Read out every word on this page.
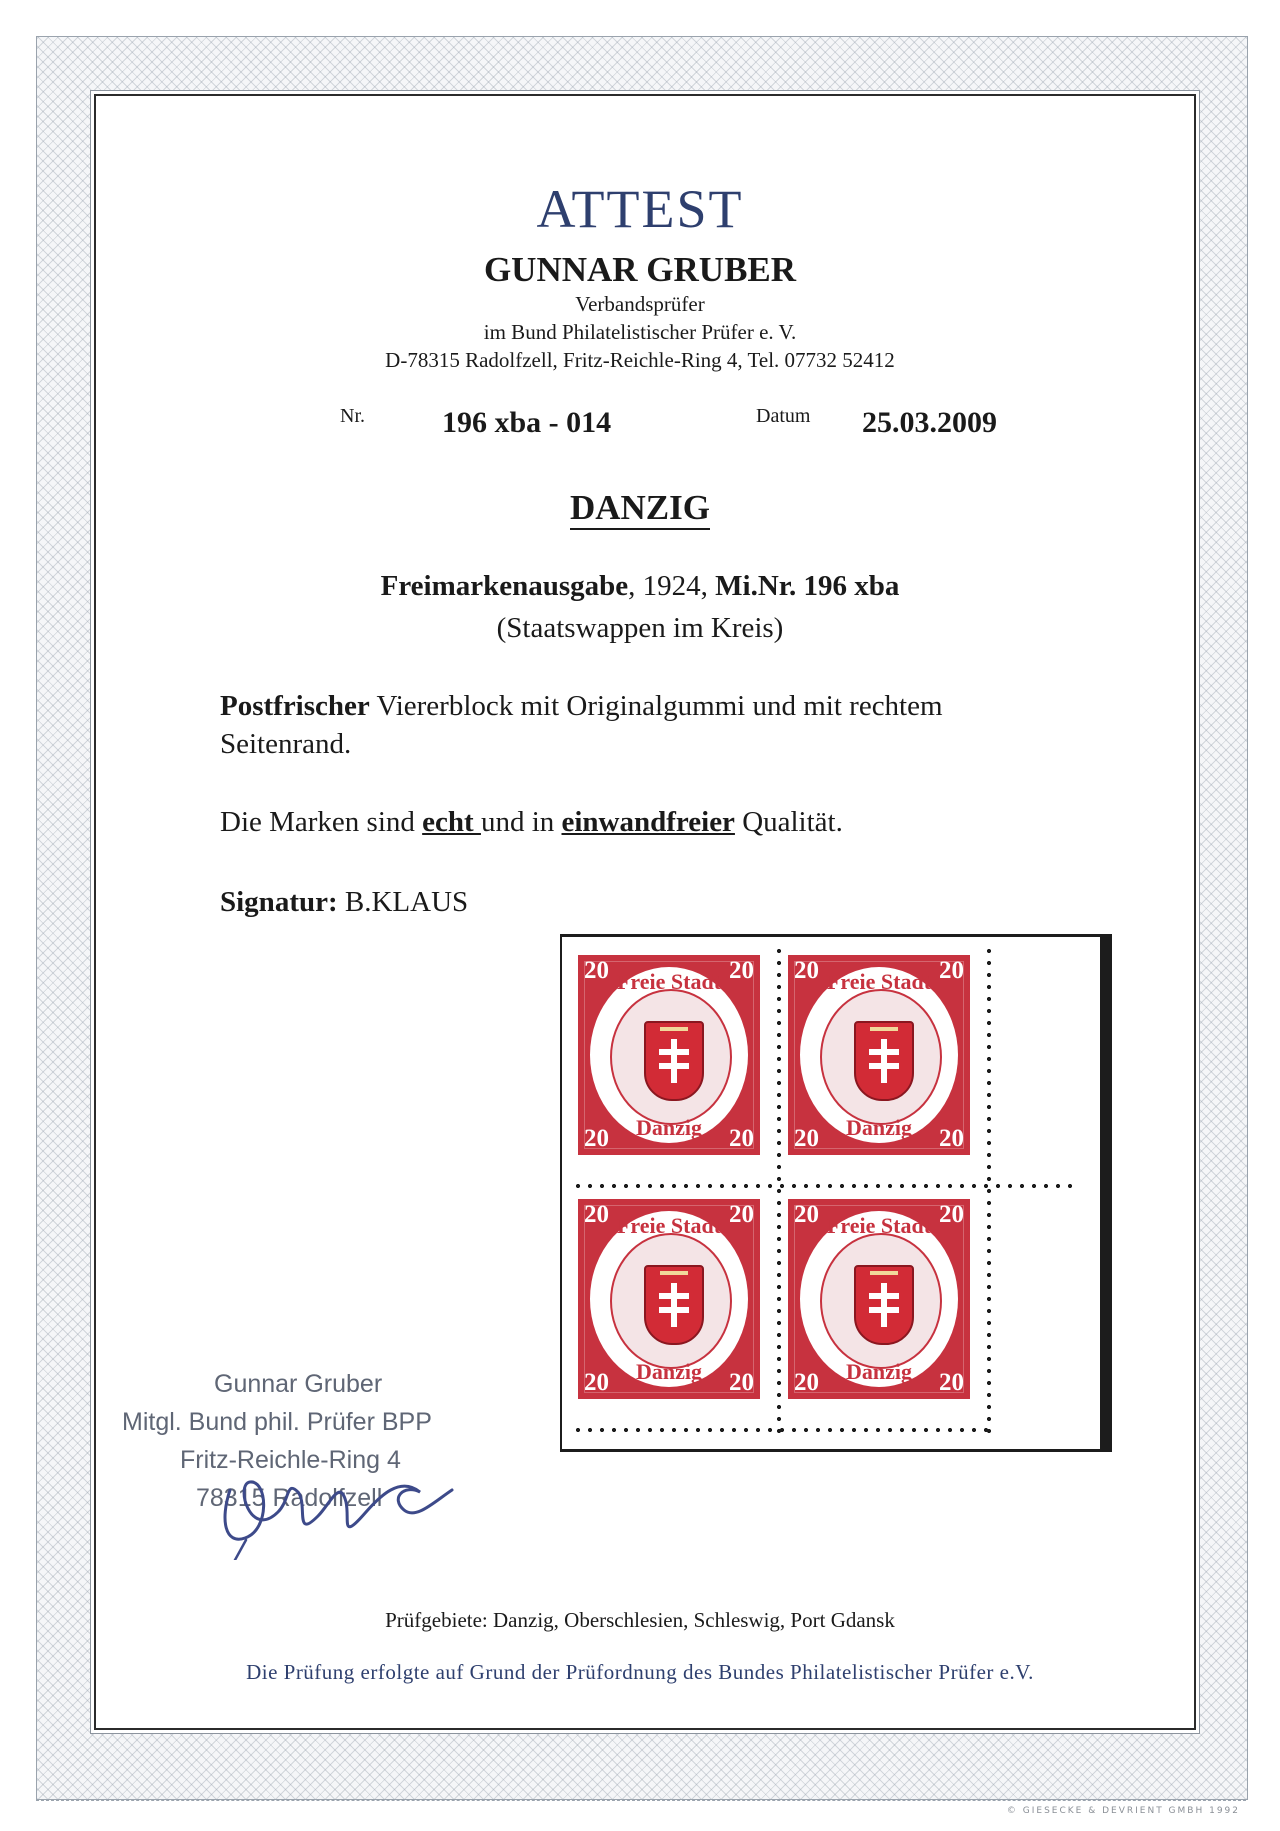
© GIESECKE & DEVRIENT GMBH 1992
ATTEST
GUNNAR GRUBER
Verbandsprüfer
im Bund Philatelistischer Prüfer e. V.
D-78315 Radolfzell, Fritz-Reichle-Ring 4, Tel. 07732 52412
Nr.	196 xba - 014	Datum 25.03.2009
DANZIG
Freimarkenausgabe, 1924, Mi.Nr. 196 xba
(Staatswappen im Kreis)
Postfrischer Viererblock mit Originalgummi und mit rechtem
Seitenrand.
Die Marken sind echt und in einwandfreier Qualität.
Signatur: B.KLAUS
Freie Stadt
Danzig
20	20
20	20
Freie Stadt
Danzig
20	20
20	20
Freie Stadt
Danzig
20	20
20	20
Freie Stadt
Danzig
20	20
20	20
Gunnar Gruber
Mitgl. Bund phil. Prüfer BPP
Fritz-Reichle-Ring 4
78315 Radolfzell
Prüfgebiete: Danzig, Oberschlesien, Schleswig, Port Gdansk
Die Prüfung erfolgte auf Grund der Prüfordnung des Bundes Philatelistischer Prüfer e.V.
